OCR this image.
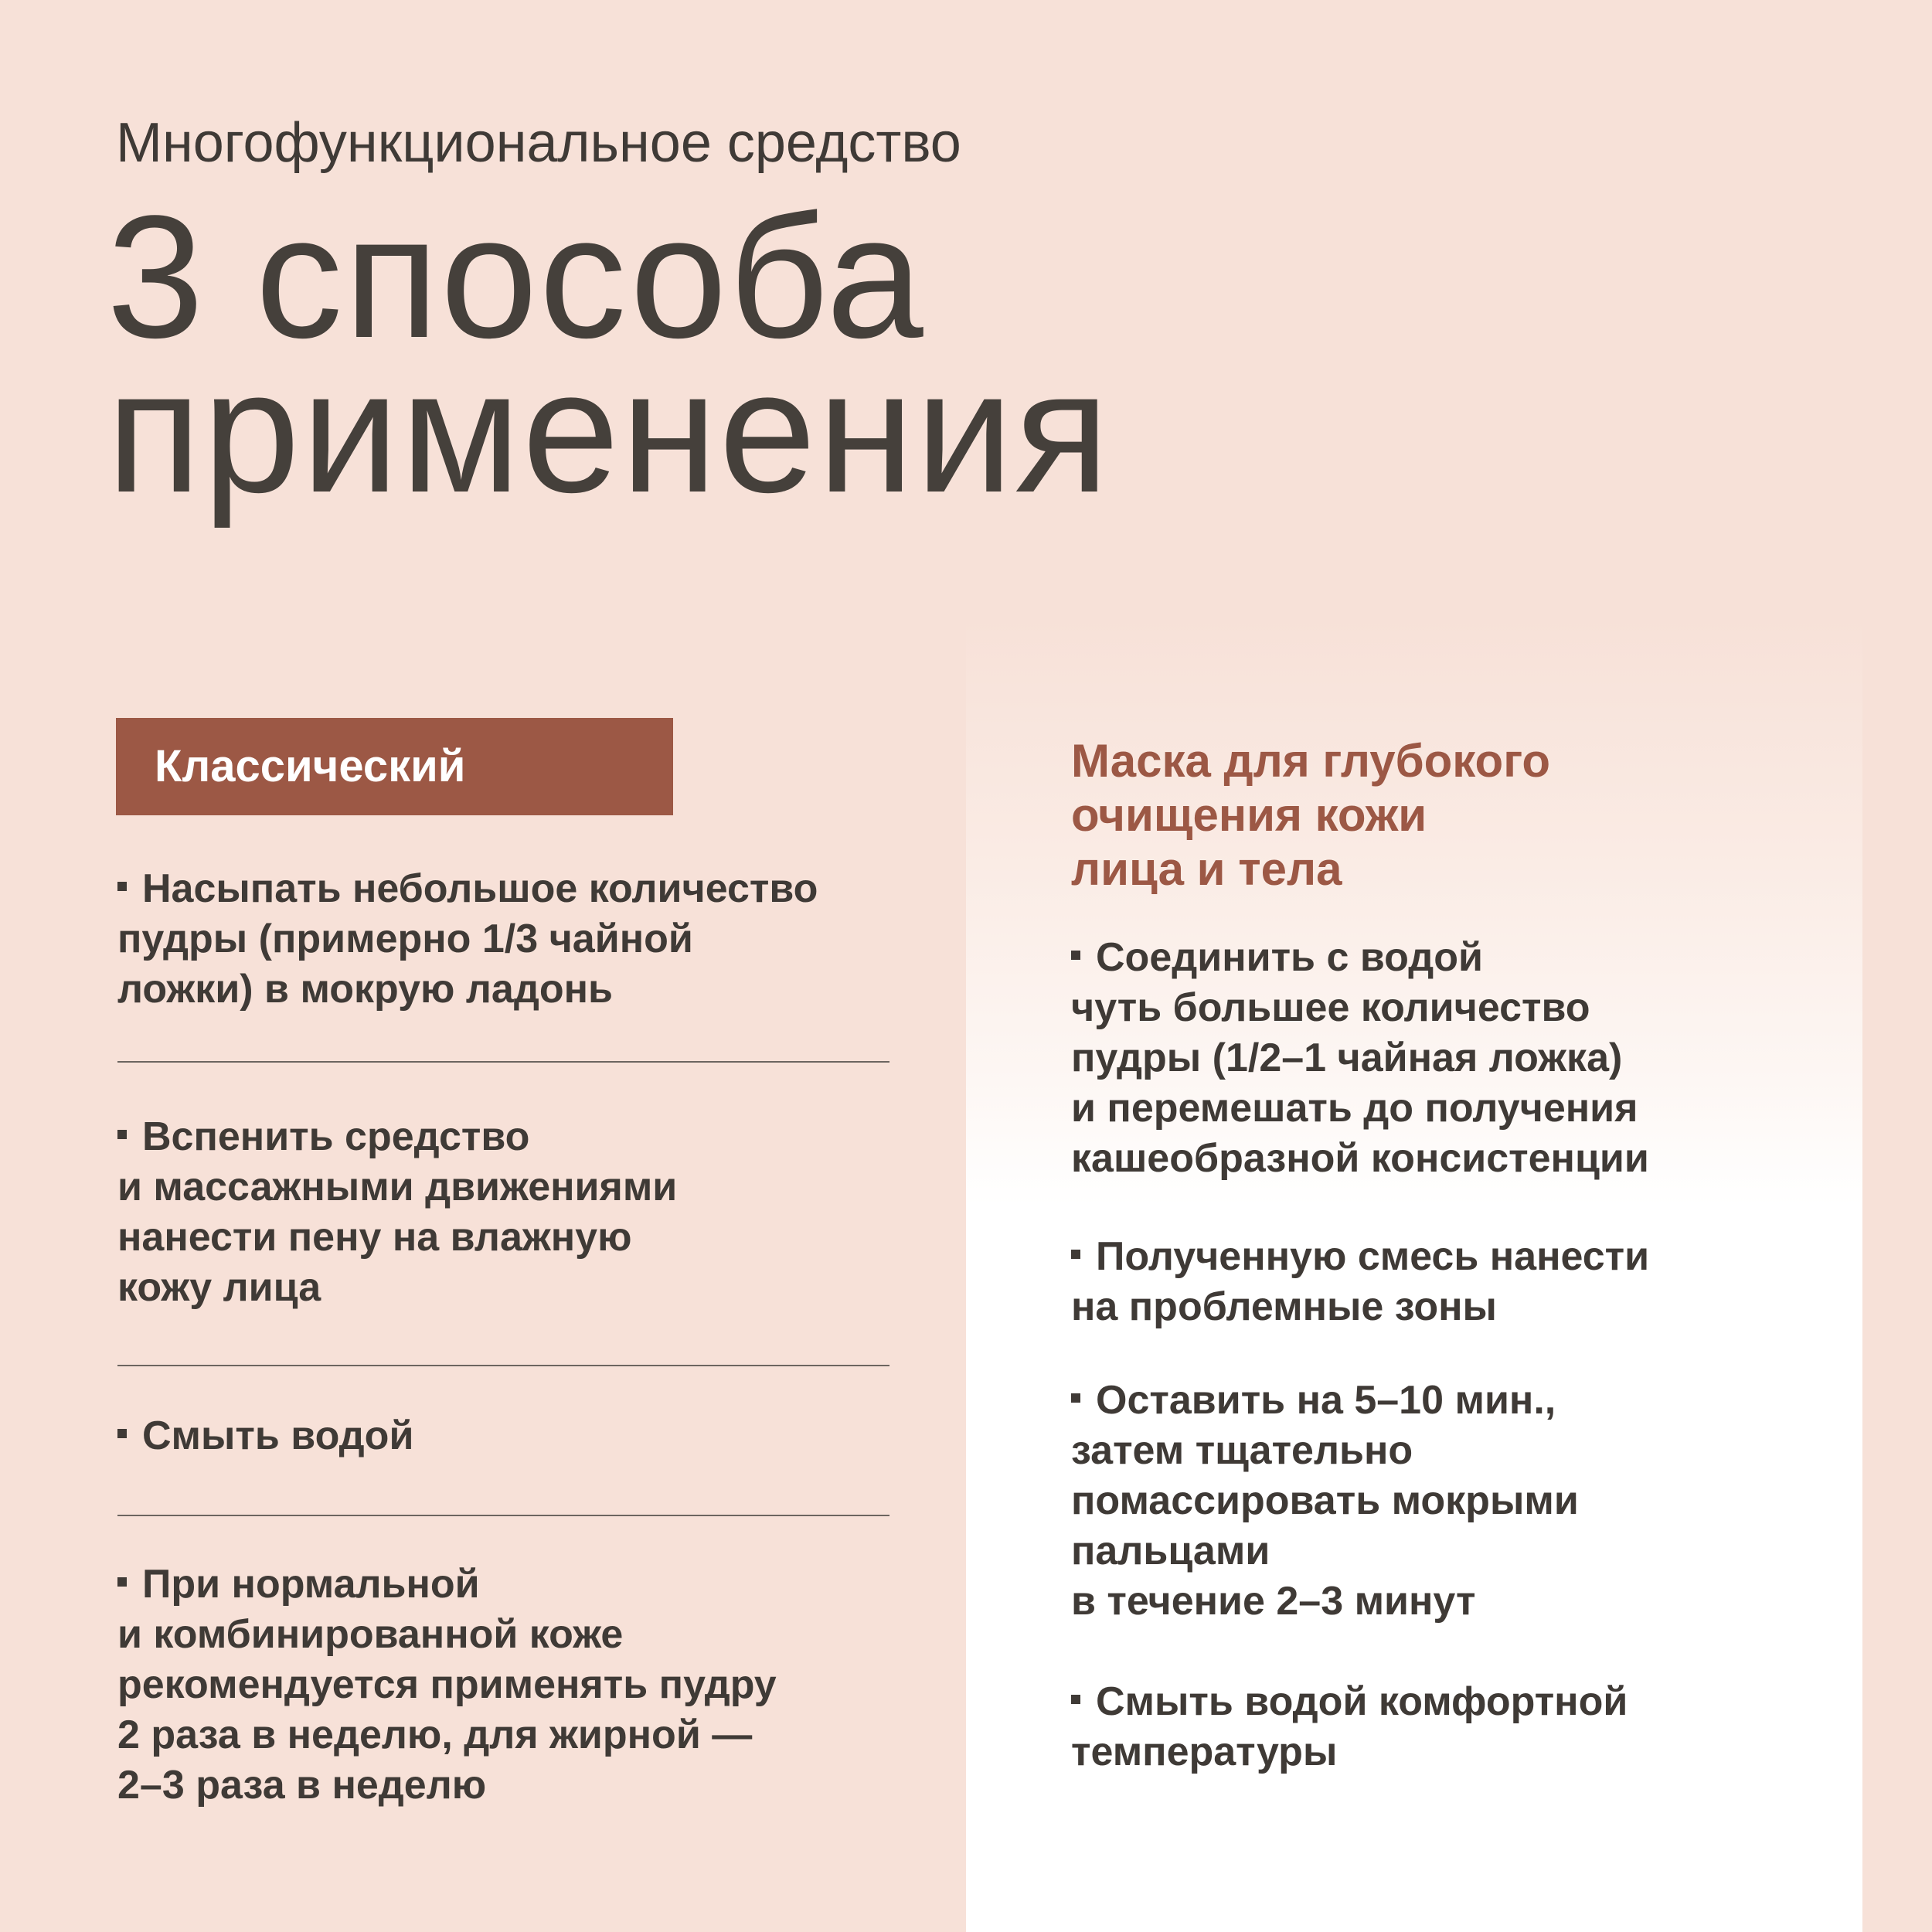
Многофункциональное средство
3 способа
применения
Классический
Насыпать небольшое количество
пудры (примерно 1/3 чайной
ложки) в мокрую ладонь
Вспенить средство
и массажными движениями
нанести пену на влажную
кожу лица
Смыть водой
При нормальной
и комбинированной коже
рекомендуется применять пудру
2 раза в неделю, для жирной —
2–3 раза в неделю
Маска для глубокого
очищения кожи
лица и тела
Соединить с водой
чуть большее количество
пудры (1/2–1 чайная ложка)
и перемешать до получения
кашеобразной консистенции
Полученную смесь нанести
на проблемные зоны
Оставить на 5–10 мин.,
затем тщательно
помассировать мокрыми
пальцами
в течение 2–3 минут
Смыть водой комфортной
температуры
